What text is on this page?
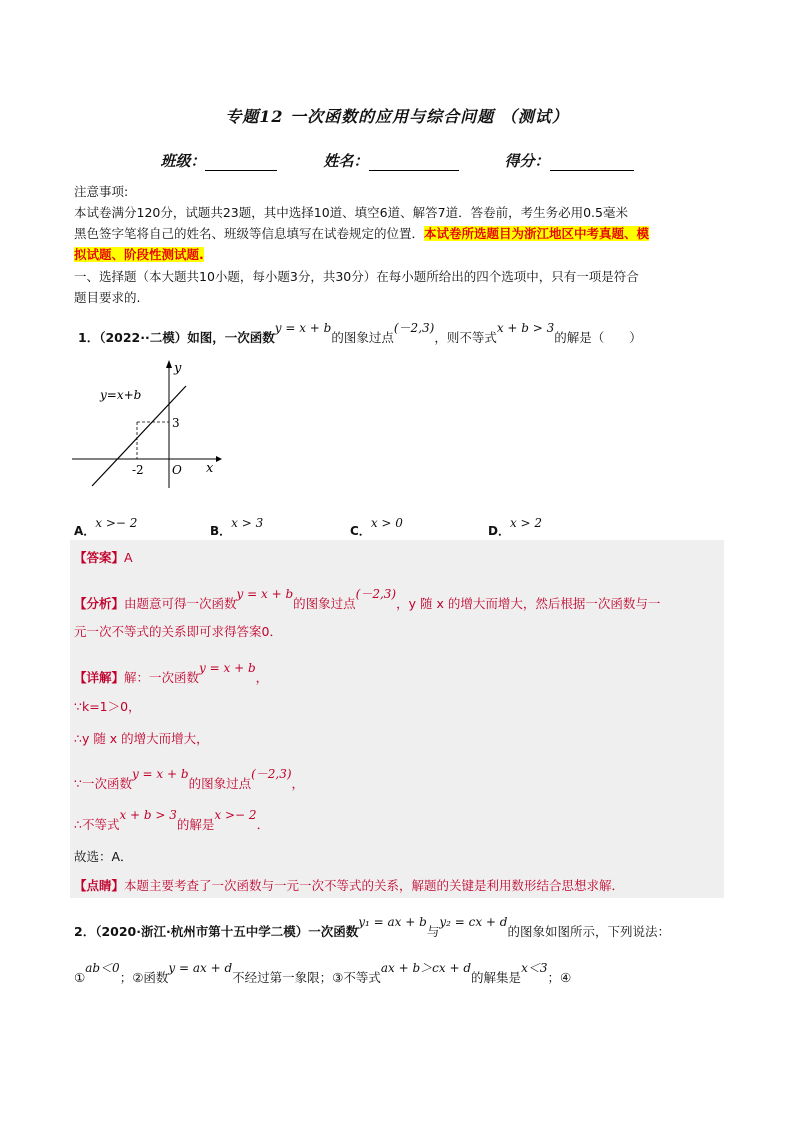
专题12 一次函数的应用与综合问题 （测试）
班级：	姓名：	得分：
注意事项:
本试卷满分120分，试题共23题，其中选择10道、填空6道、解答7道．答卷前，考生务必用0.5毫米
黑色签字笔将自己的姓名、班级等信息填写在试卷规定的位置．本试卷所选题目为浙江地区中考真题、模
拟试题、阶段性测试题.
一、选择题（本大题共10小题，每小题3分，共30分）在每小题所给出的四个选项中，只有一项是符合
题目要求的.
1．（2022··二模）如图，一次函数y = x + b的图象过点(－2,3)，则不等式x + b > 3的解是（　　）
y=x+b
y
x
O
3
-2
A．x >− 2
B．x > 3
C．x > 0
D．x > 2
【答案】A
【分析】由题意可得一次函数y = x + b的图象过点(－2,3)，y 随 x 的增大而增大，然后根据一次函数与一
元一次不等式的关系即可求得答案0．
【详解】解：一次函数y = x + b，
∵k=1＞0，
∴y 随 x 的增大而增大，
∵一次函数y = x + b的图象过点(－2,3)，
∴不等式x + b > 3的解是x >− 2．
故选：A．
【点睛】本题主要考查了一次函数与一元一次不等式的关系，解题的关键是利用数形结合思想求解．
2．（2020·浙江·杭州市第十五中学二模）一次函数y₁ = ax + b与y₂ = cx + d的图象如图所示，下列说法：
①ab＜0；②函数y = ax + d不经过第一象限；③不等式ax + b＞cx + d的解集是x＜3；④
